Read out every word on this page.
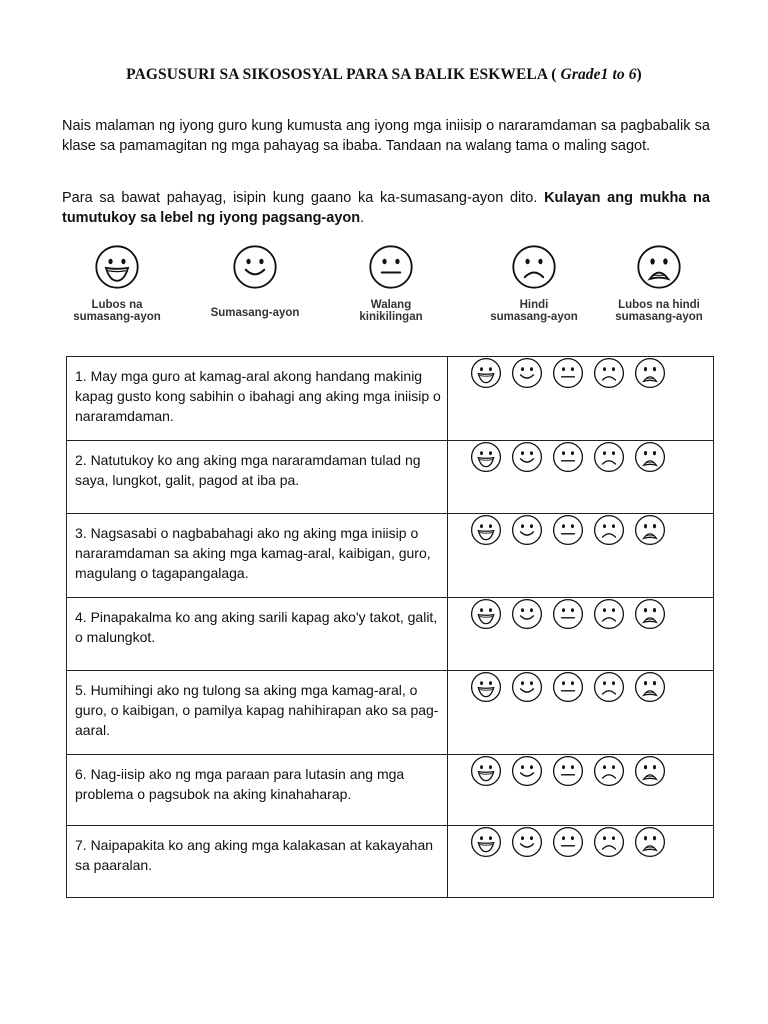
PAGSUSURI SA SIKOSOSYAL PARA SA BALIK ESKWELA ( Grade1 to 6)

Nais malaman ng iyong guro kung kumusta ang iyong mga iniisip o nararamdaman sa pagbabalik sa klase sa pamamagitan ng mga pahayag sa ibaba. Tandaan na walang tama o maling sagot.

Para sa bawat pahayag, isipin kung gaano ka ka-sumasang-ayon dito. Kulayan ang mukha na tumutukoy sa lebel ng iyong pagsang-ayon.

Lubos na
sumasang-ayon	Sumasang-ayon
Walang
kinikilingan
Hindi
sumasang-ayon
Lubos na hindi
sumasang-ayon
1. May mga guro at kamag-aral akong handang makinig kapag gusto kong sabihin o ibahagi ang aking mga iniisip o nararamdaman.	

2. Natutukoy ko ang aking mga nararamdaman tulad ng saya, lungkot, galit, pagod at iba pa.	

3. Nagsasabi o nagbabahagi ako ng aking mga iniisip o nararamdaman sa aking mga kamag-aral, kaibigan, guro, magulang o tagapangalaga.	

4. Pinapakalma ko ang aking sarili kapag ako'y takot, galit, o malungkot.	

5. Humihingi ako ng tulong sa aking mga kamag-aral, o guro, o kaibigan, o pamilya kapag nahihirapan ako sa pag-aaral.	

6. Nag-iisip ako ng mga paraan para lutasin ang mga problema o pagsubok na aking kinahaharap.	

7. Naipapakita ko ang aking mga kalakasan at kakayahan sa paaralan.	
